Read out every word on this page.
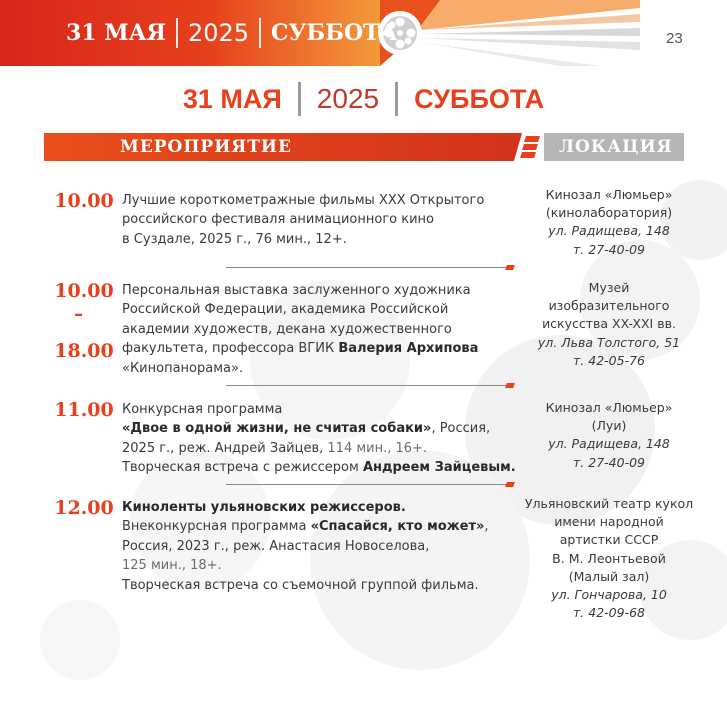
31 МАЯ 2025 СУББОТА	23
31 МАЯ 2025 СУББОТА
МЕРОПРИЯТИЕ	ЛОКАЦИЯ
10.00 Лучшие короткометражные фильмы XXX Открытого
российского фестиваля анимационного кино
в Суздале, 2025 г., 76 мин., 12+.
Кинозал «Люмьер»
(кинолаборатория)
ул. Радищева, 148
т. 27-40-09
10.00
–
18.00
Персональная выставка заслуженного художника
Российской Федерации, академика Российской
академии художеств, декана художественного
факультета, профессора ВГИК Валерия Архипова
«Кинопанорама».
Музей
изобразительного
искусства XX-XXI вв.
ул. Льва Толстого, 51
т. 42-05-76
11.00 Конкурсная программа
«Двое в одной жизни, не считая собаки», Россия,
2025 г., реж. Андрей Зайцев, 114 мин., 16+.
Творческая встреча с режиссером Андреем Зайцевым.
Кинозал «Люмьер»
(Луи)
ул. Радищева, 148
т. 27-40-09
12.00 Киноленты ульяновских режиссеров.
Внеконкурсная программа «Спасайся, кто может»,
Россия, 2023 г., реж. Анастасия Новоселова,
125 мин., 18+.
Творческая встреча со съемочной группой фильма.
Ульяновский театр кукол
имени народной
артистки СССР
В. М. Леонтьевой
(Малый зал)
ул. Гончарова, 10
т. 42-09-68
